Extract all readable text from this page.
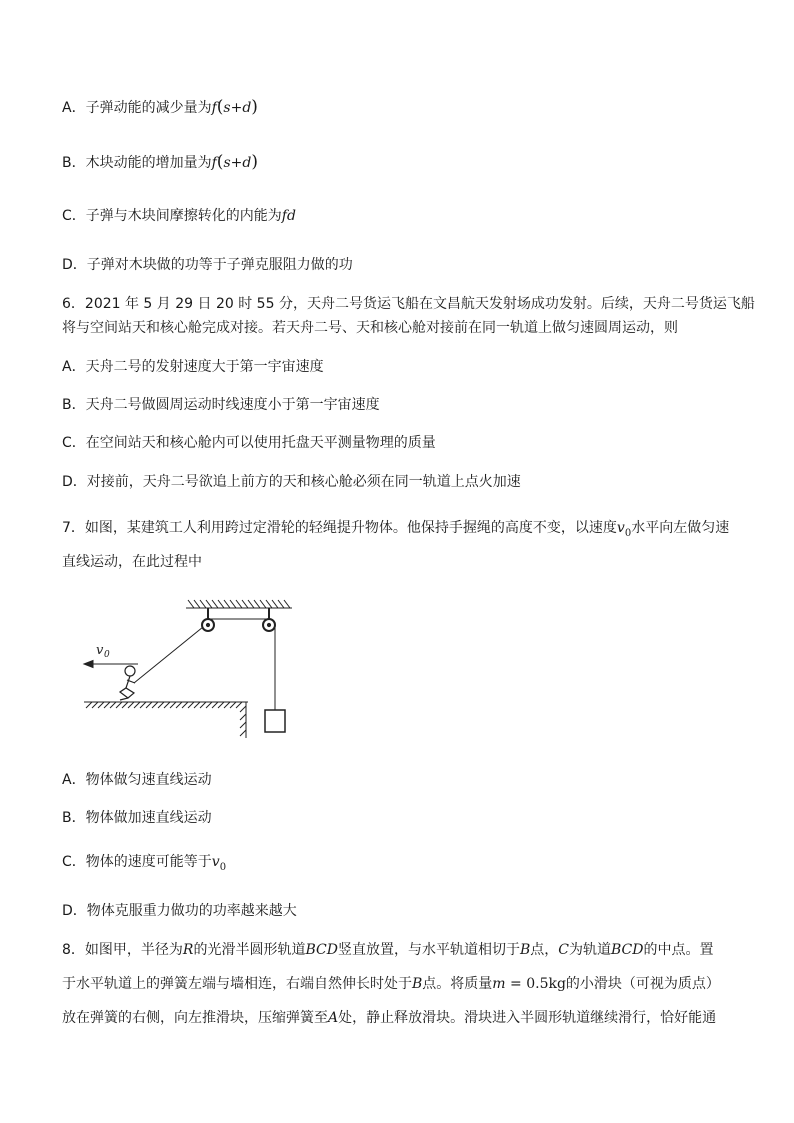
A．子弹动能的减少量为f(s+d)
B．木块动能的增加量为f(s+d)
C．子弹与木块间摩擦转化的内能为fd
D．子弹对木块做的功等于子弹克服阻力做的功
6．2021 年 5 月 29 日 20 时 55 分，天舟二号货运飞船在文昌航天发射场成功发射。后续，天舟二号货运飞船
将与空间站天和核心舱完成对接。若天舟二号、天和核心舱对接前在同一轨道上做匀速圆周运动，则
A．天舟二号的发射速度大于第一宇宙速度
B．天舟二号做圆周运动时线速度小于第一宇宙速度
C．在空间站天和核心舱内可以使用托盘天平测量物理的质量
D．对接前，天舟二号欲追上前方的天和核心舱必须在同一轨道上点火加速
7．如图，某建筑工人利用跨过定滑轮的轻绳提升物体。他保持手握绳的高度不变，以速度$v_0$水平向左做匀速
直线运动，在此过程中
v 0
A．物体做匀速直线运动
B．物体做加速直线运动
C．物体的速度可能等于$v_0$
D．物体克服重力做功的功率越来越大
8．如图甲，半径为R的光滑半圆形轨道BCD竖直放置，与水平轨道相切于B点，C为轨道BCD的中点。置
于水平轨道上的弹簧左端与墙相连，右端自然伸长时处于B点。将质量m = 0.5kg的小滑块（可视为质点）
放在弹簧的右侧，向左推滑块，压缩弹簧至A处，静止释放滑块。滑块进入半圆形轨道继续滑行，恰好能通
